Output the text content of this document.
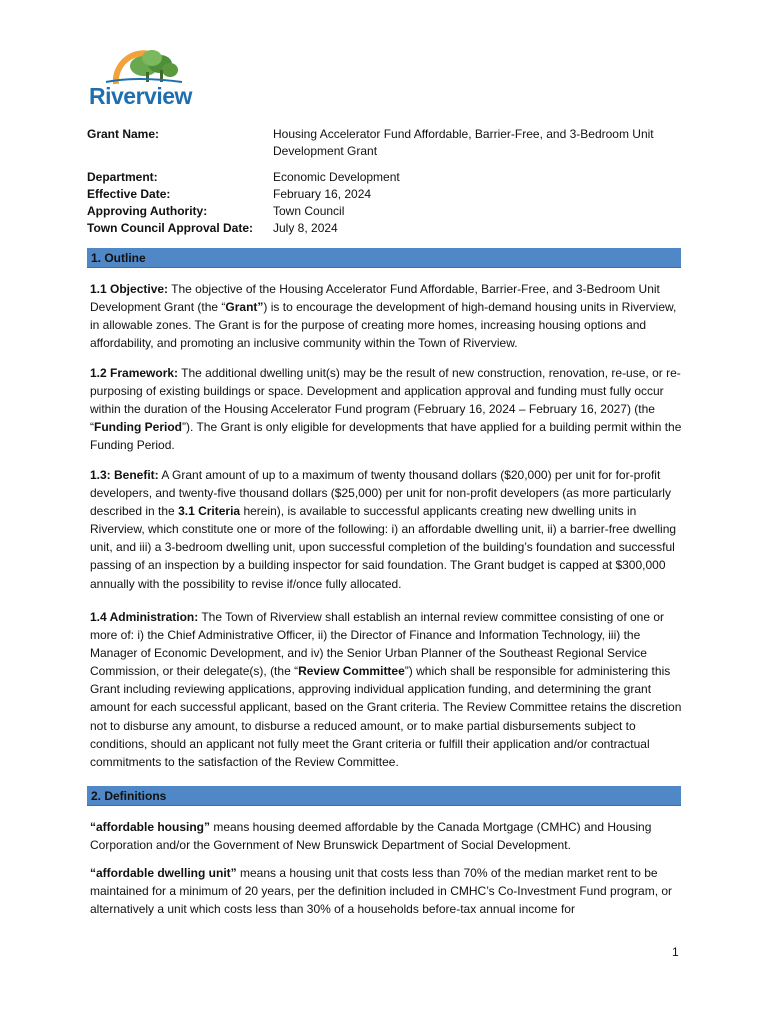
Riverview
Grant Name:	Housing Accelerator Fund Affordable, Barrier-Free, and 3-Bedroom Unit Development Grant
Department:	Economic Development
Effective Date:	February 16, 2024
Approving Authority:	Town Council
Town Council Approval Date:	July 8, 2024
1. Outline

1.1 Objective: The objective of the Housing Accelerator Fund Affordable, Barrier-Free, and 3-Bedroom Unit Development Grant (the “Grant”) is to encourage the development of high-demand housing units in Riverview, in allowable zones. The Grant is for the purpose of creating more homes, increasing housing options and affordability, and promoting an inclusive community within the Town of Riverview.

1.2 Framework: The additional dwelling unit(s) may be the result of new construction, renovation, re-use, or re-purposing of existing buildings or space. Development and application approval and funding must fully occur within the duration of the Housing Accelerator Fund program (February 16, 2024 – February 16, 2027) (the “Funding Period”). The Grant is only eligible for developments that have applied for a building permit within the Funding Period.

1.3: Benefit: A Grant amount of up to a maximum of twenty thousand dollars ($20,000) per unit for for-profit developers, and twenty-five thousand dollars ($25,000) per unit for non-profit developers (as more particularly described in the 3.1 Criteria herein), is available to successful applicants creating new dwelling units in Riverview, which constitute one or more of the following: i) an affordable dwelling unit, ii) a barrier-free dwelling unit, and iii) a 3-bedroom dwelling unit, upon successful completion of the building’s foundation and successful passing of an inspection by a building inspector for said foundation. The Grant budget is capped at $300,000 annually with the possibility to revise if/once fully allocated.

1.4 Administration: The Town of Riverview shall establish an internal review committee consisting of one or more of: i) the Chief Administrative Officer, ii) the Director of Finance and Information Technology, iii) the Manager of Economic Development, and iv) the Senior Urban Planner of the Southeast Regional Service Commission, or their delegate(s), (the “Review Committee”) which shall be responsible for administering this Grant including reviewing applications, approving individual application funding, and determining the grant amount for each successful applicant, based on the Grant criteria. The Review Committee retains the discretion not to disburse any amount, to disburse a reduced amount, or to make partial disbursements subject to conditions, should an applicant not fully meet the Grant criteria or fulfill their application and/or contractual commitments to the satisfaction of the Review Committee.

2. Definitions

“affordable housing” means housing deemed affordable by the Canada Mortgage (CMHC) and Housing Corporation and/or the Government of New Brunswick Department of Social Development.

“affordable dwelling unit” means a housing unit that costs less than 70% of the median market rent to be maintained for a minimum of 20 years, per the definition included in CMHC’s Co-Investment Fund program, or alternatively a unit which costs less than 30% of a households before-tax annual income for

1
